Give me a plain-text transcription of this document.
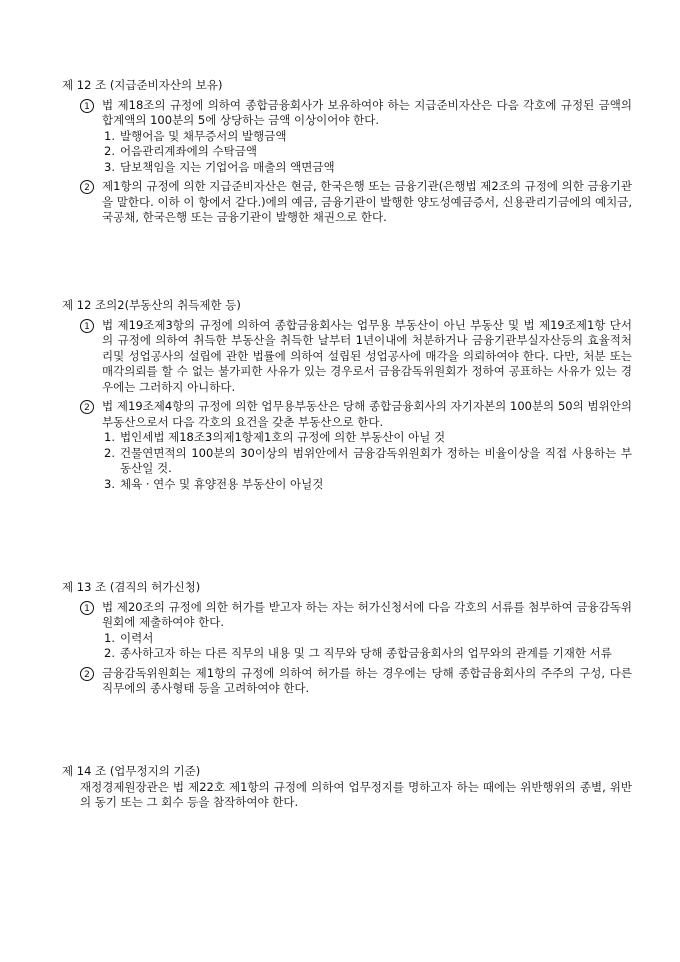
제 12 조 (지급준비자산의 보유)
1	법 제18조의 규정에 의하여 종합금융회사가 보유하여야 하는 지급준비자산은 다음 각호에 규정된 금액의 합계액의 100분의 5에 상당하는 금액 이상이어야 한다.
1. 발행어음 및 채무증서의 발행금액
2. 어음관리계좌에의 수탁금액
3. 담보책임을 지는 기업어음 매출의 액면금액
2	제1항의 규정에 의한 지급준비자산은 현금, 한국은행 또는 금융기관(은행법 제2조의 규정에 의한 금융기관을 말한다. 이하 이 항에서 같다.)에의 예금, 금융기관이 발행한 양도성예금증서, 신용관리기금에의 예치금, 국공채, 한국은행 또는 금융기관이 발행한 채권으로 한다.
제 12 조의2(부동산의 취득제한 등)
1	법 제19조제3항의 규정에 의하여 종합금융회사는 업무용 부동산이 아닌 부동산 및 법 제19조제1항 단서의 규정에 의하여 취득한 부동산을 취득한 날부터 1년이내에 처분하거나 금융기관부실자산등의 효율적처리및 성업공사의 설립에 관한 법률에 의하여 설립된 성업공사에 매각을 의뢰하여야 한다. 다만, 처분 또는 매각의뢰를 할 수 없는 불가피한 사유가 있는 경우로서 금융감독위원회가 정하여 공표하는 사유가 있는 경우에는 그러하지 아니하다.
2	법 제19조제4항의 규정에 의한 업무용부동산은 당해 종합금융회사의 자기자본의 100분의 50의 범위안의 부동산으로서 다음 각호의 요건을 갖춘 부동산으로 한다.
1. 법인세법 제18조3의제1항제1호의 규정에 의한 부동산이 아닐 것
2. 건물연면적의 100분의 30이상의 범위안에서 금융감독위원회가 정하는 비율이상을 직접 사용하는 부동산일 것.
3. 체육 · 연수 및 휴양전용 부동산이 아닐것
제 13 조 (겸직의 허가신청)
1	법 제20조의 규정에 의한 허가를 받고자 하는 자는 허가신청서에 다음 각호의 서류를 첨부하여 금융감독위원회에 제출하여야 한다.
1. 이력서
2. 종사하고자 하는 다른 직무의 내용 및 그 직무와 당해 종합금융회사의 업무와의 관계를 기재한 서류
2	금융감독위원회는 제1항의 규정에 의하여 허가를 하는 경우에는 당해 종합금융회사의 주주의 구성, 다른 직무에의 종사형태 등을 고려하여야 한다.
제 14 조 (업무정지의 기준)
재정경제원장관은 법 제22호 제1항의 규정에 의하여 업무정지를 명하고자 하는 때에는 위반행위의 종별, 위반의 동기 또는 그 회수 등을 참작하여야 한다.
